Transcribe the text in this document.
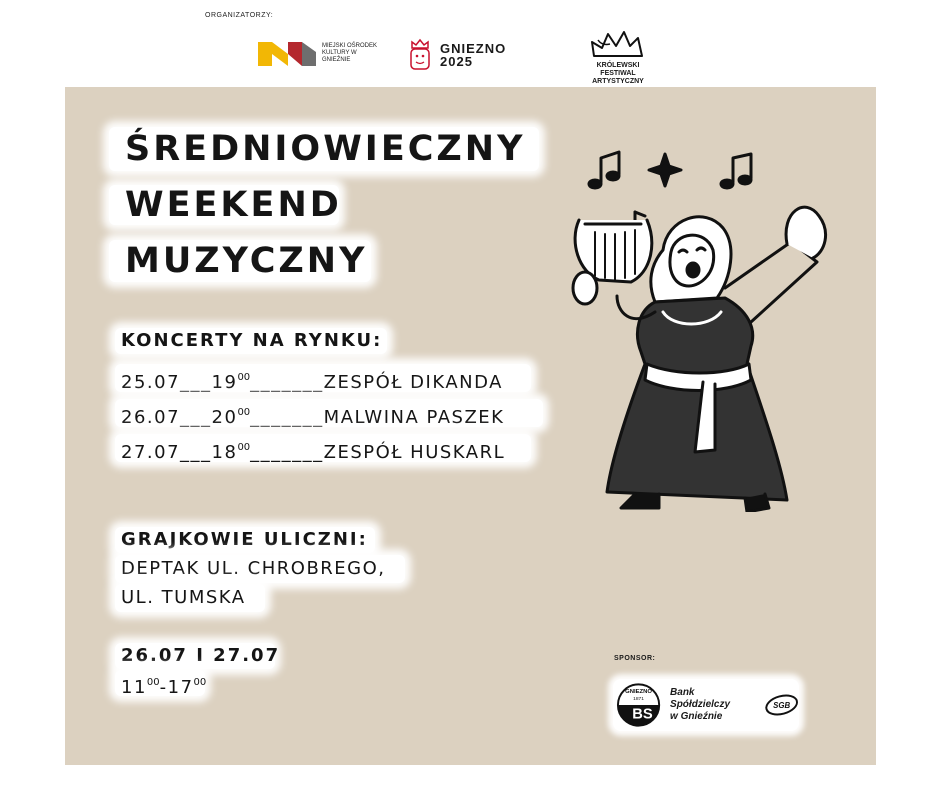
ORGANIZATORZY:
MIEJSKI OŚRODEK KULTURY W GNIEŹNIE
GNIEZNO
2025	KRÓLEWSKI FESTIWAL ARTYSTYCZNY
ŚREDNIOWIECZNY
WEEKEND
MUZYCZNY
KONCERTY NA RYNKU:
$25.07\_\_\_19^{00}\_\_\_\_\_\_\_ZESPÓŁ$ DIKANDA
$26.07\_\_\_20^{00}\_\_\_\_\_\_\_MALWINA$ PASZEK
$27.07\_\_\_18^{00}\_\_\_\_\_\_\_ZESPÓŁ$ HUSKARL
GRAJKOWIE ULICZNI:
DEPTAK UL. CHROBREGO,
UL. TUMSKA
26.07 I 27.07
$11^{00}-17^{00}$
SPONSOR:
GNIEZNO
1871
BS
Bank Spółdzielczy
w Gnieźnie
SGB
